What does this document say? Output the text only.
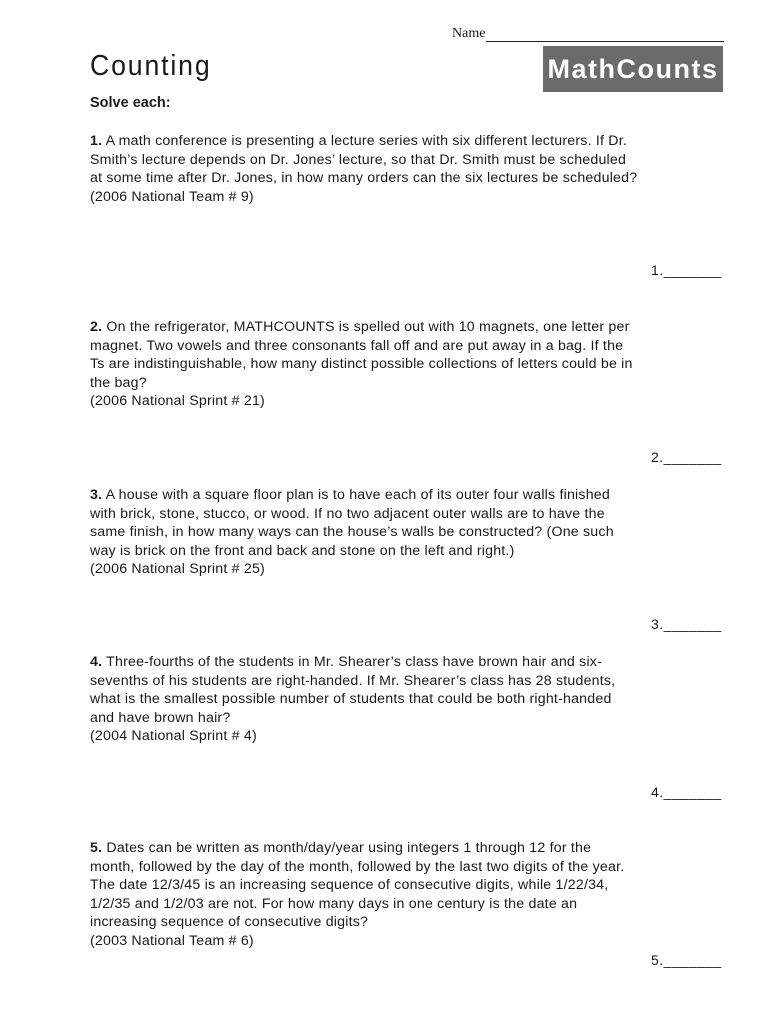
Name
Counting	MathCounts
Solve each:
1. A math conference is presenting a lecture series with six different lecturers. If Dr. Smith’s lecture depends on Dr. Jones’ lecture, so that Dr. Smith must be scheduled at some time after Dr. Jones, in how many orders can the six lectures be scheduled?
(2006 National Team # 9)
1._______
2. On the refrigerator, MATHCOUNTS is spelled out with 10 magnets, one letter per magnet. Two vowels and three consonants fall off and are put away in a bag. If the Ts are indistinguishable, how many distinct possible collections of letters could be in the bag?
(2006 National Sprint # 21)
2._______
3. A house with a square floor plan is to have each of its outer four walls finished with brick, stone, stucco, or wood. If no two adjacent outer walls are to have the same finish, in how many ways can the house’s walls be constructed? (One such way is brick on the front and back and stone on the left and right.)
(2006 National Sprint # 25)
3._______
4. Three-fourths of the students in Mr. Shearer’s class have brown hair and six-sevenths of his students are right-handed. If Mr. Shearer’s class has 28 students, what is the smallest possible number of students that could be both right-handed and have brown hair?
(2004 National Sprint # 4)
4._______
5. Dates can be written as month/day/year using integers 1 through 12 for the month, followed by the day of the month, followed by the last two digits of the year. The date 12/3/45 is an increasing sequence of consecutive digits, while 1/22/34, 1/2/35 and 1/2/03 are not. For how many days in one century is the date an increasing sequence of consecutive digits?
(2003 National Team # 6)
5._______
